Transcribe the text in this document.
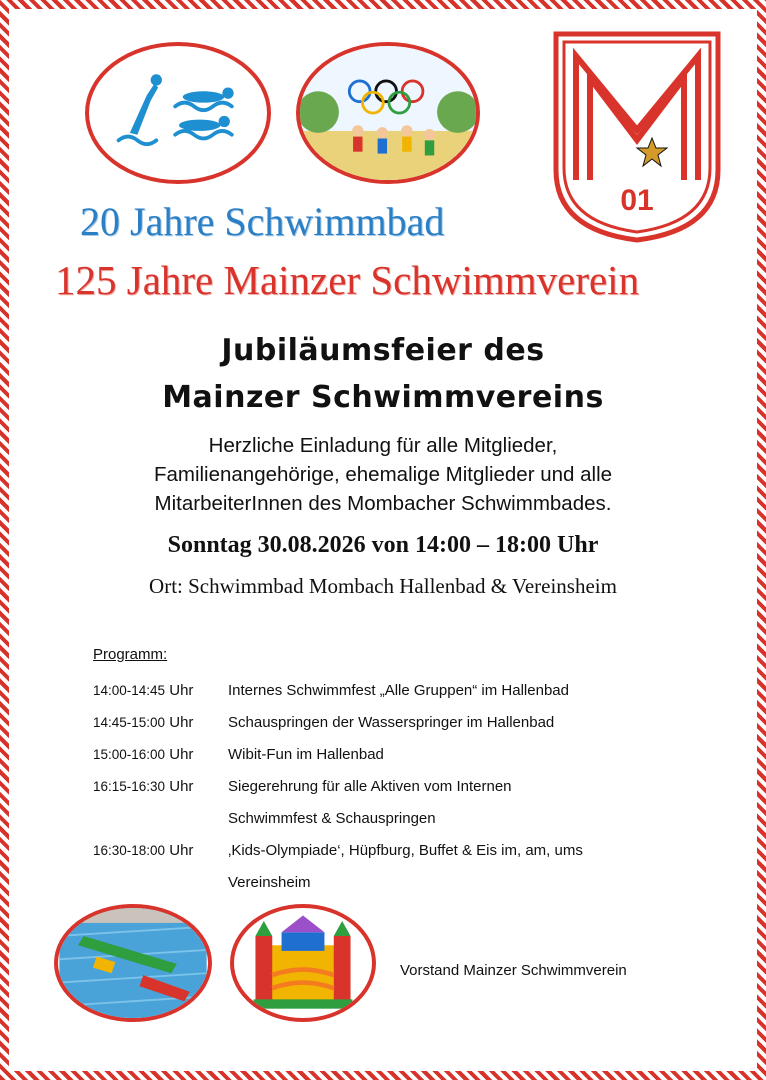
01
20 Jahre Schwimmbad
125 Jahre Mainzer Schwimmverein
Jubiläumsfeier des
Mainzer Schwimmvereins
Herzliche Einladung für alle Mitglieder,
Familienangehörige, ehemalige Mitglieder und alle
MitarbeiterInnen des Mombacher Schwimmbades.
Sonntag 30.08.2026 von 14:00 – 18:00 Uhr
Ort: Schwimmbad Mombach Hallenbad & Vereinsheim
Programm:
14:00-14:45 Uhr	Internes Schwimmfest „Alle Gruppen“ im Hallenbad
14:45-15:00 Uhr	Schauspringen der Wasserspringer im Hallenbad
15:00-16:00 Uhr	Wibit-Fun im Hallenbad
16:15-16:30 Uhr	Siegerehrung für alle Aktiven vom Internen
Schwimmfest & Schauspringen
16:30-18:00 Uhr	‚Kids-Olympiade‘, Hüpfburg, Buffet & Eis im, am, ums
Vereinsheim
Vorstand Mainzer Schwimmverein
